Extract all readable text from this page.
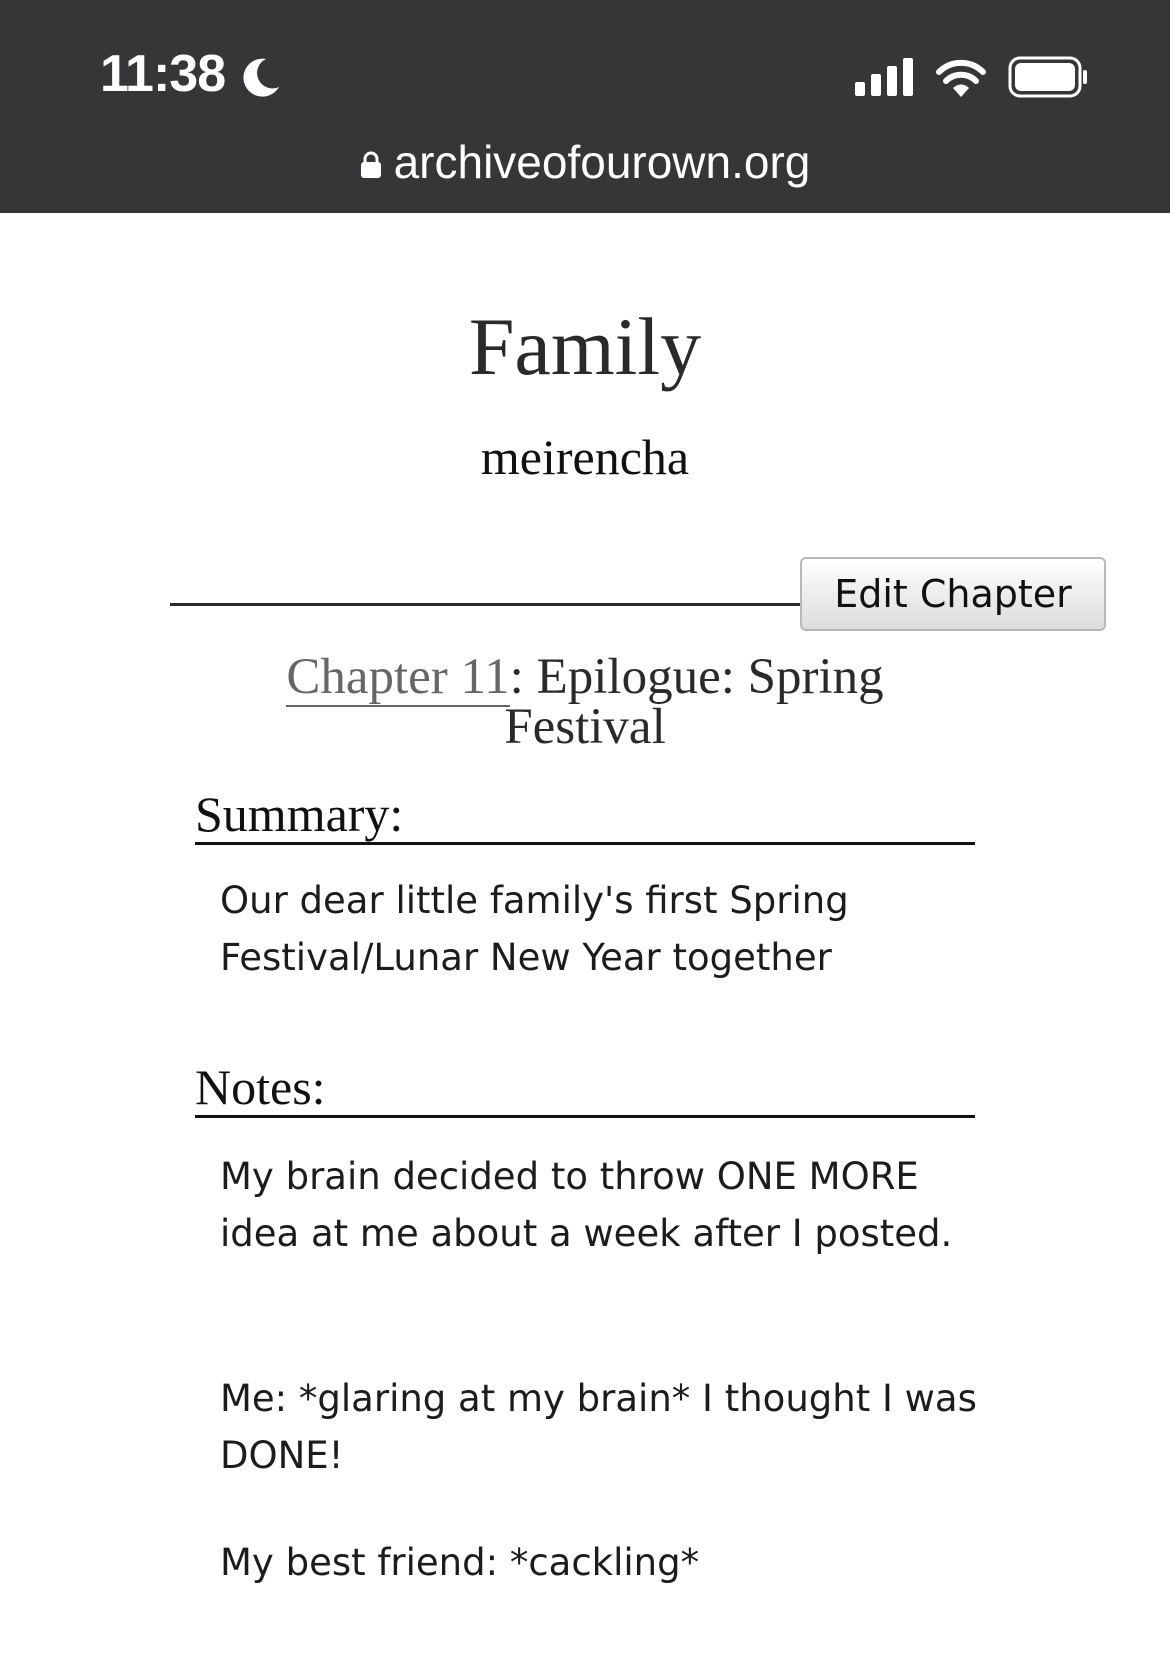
11:38
archiveofourown.org
Family
meirencha
Edit Chapter
Chapter 11: Epilogue: Spring Festival
Summary:

Our dear little family's first Spring Festival/Lunar New Year together

Notes:

My brain decided to throw ONE MORE idea at me about a week after I posted.

Me: *glaring at my brain* I thought I was DONE!

My best friend: *cackling*
